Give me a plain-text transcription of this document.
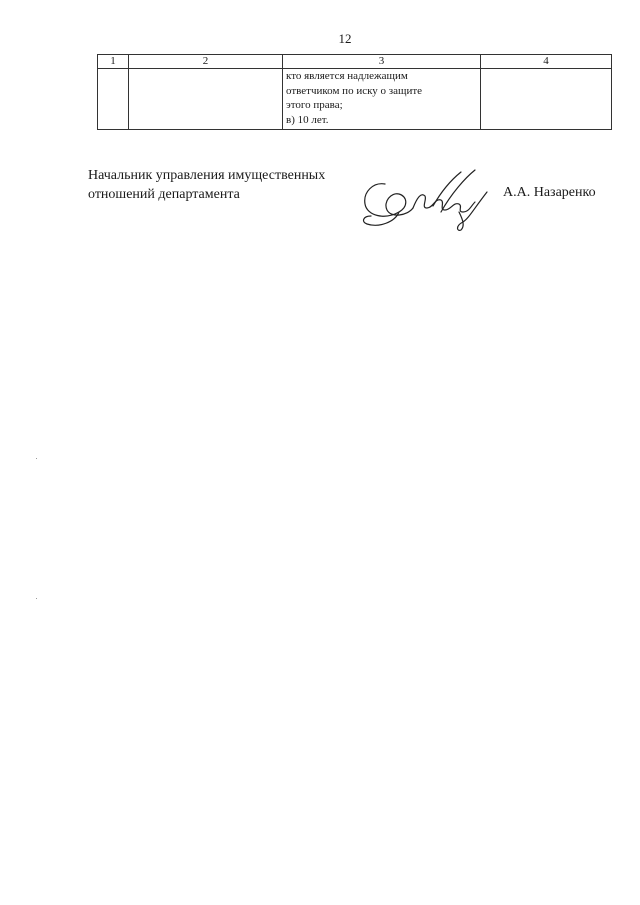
12
1	2	3	4

		кто является надлежащим
ответчиком по иску о защите
этого права;
в) 10 лет.	

Начальник управления имущественных
отношений департамента	А.А. Назаренко
